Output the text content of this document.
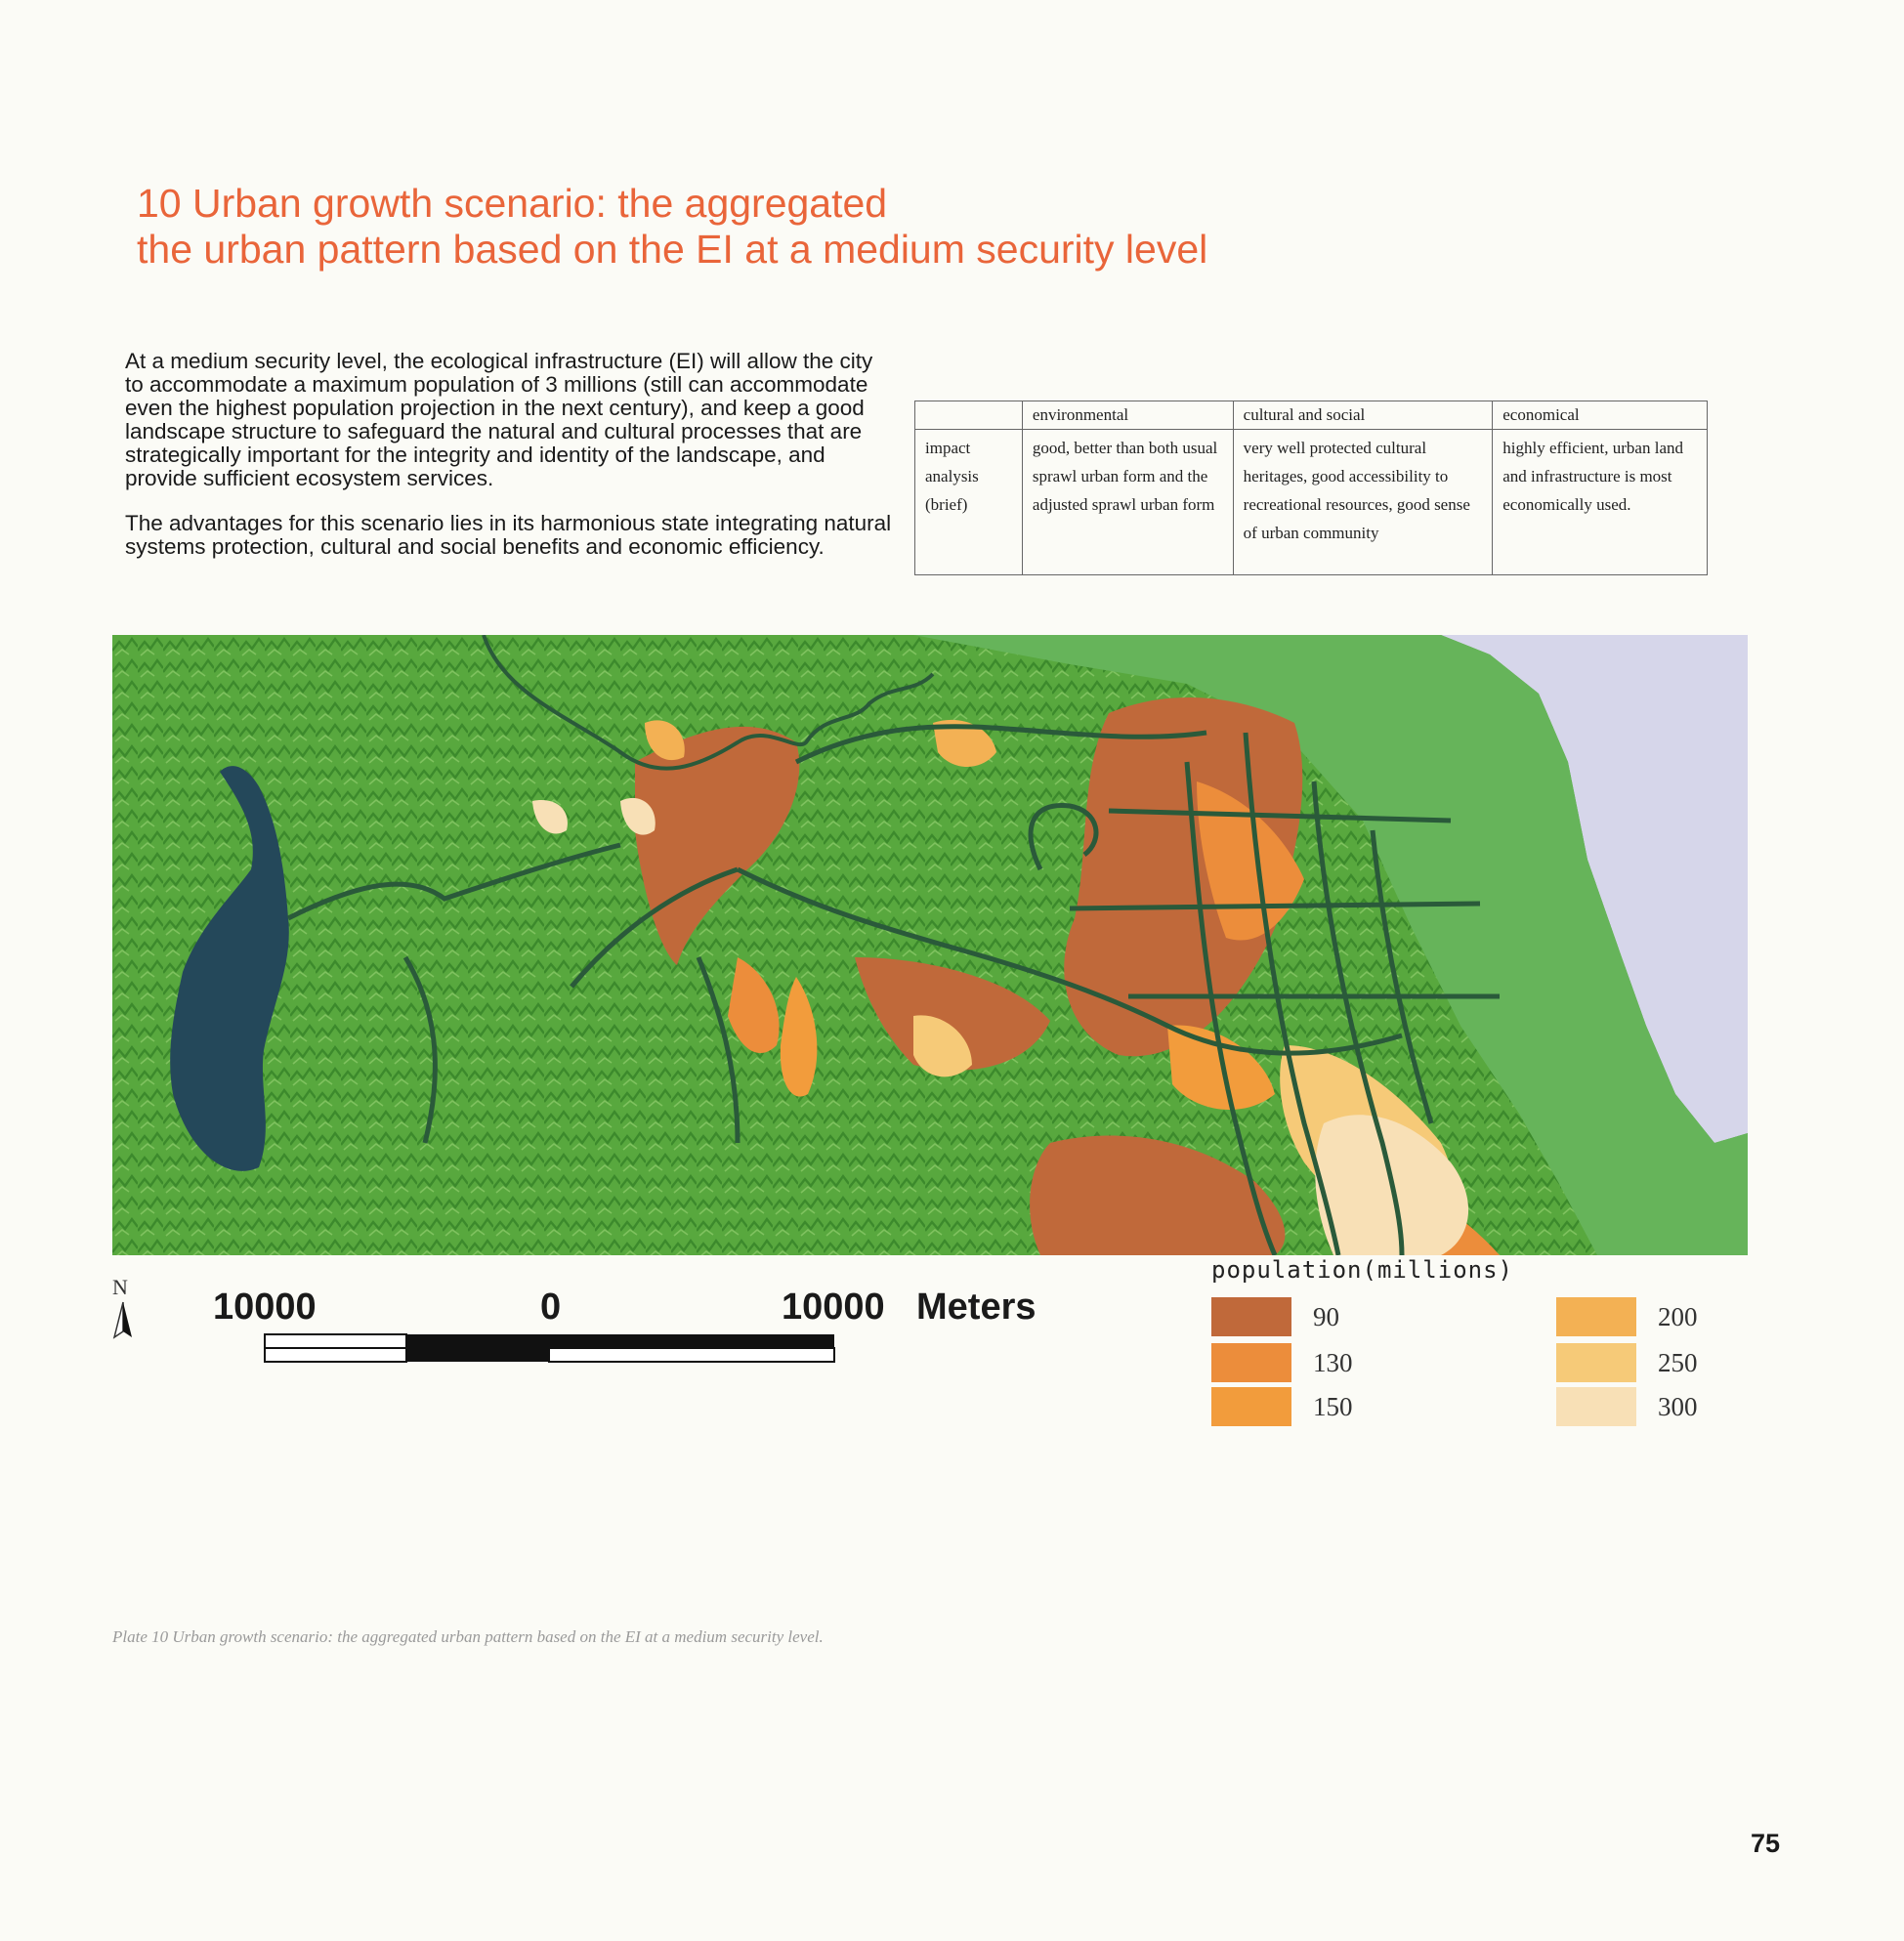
10 Urban growth scenario: the aggregated
the urban pattern based on the EI at a medium security level

At a medium security level, the ecological infrastructure (EI) will allow the city to accommodate a maximum population of 3 millions (still can accommodate even the highest population projection in the next century), and keep a good landscape structure to safeguard the natural and cultural processes that are strategically important for the integrity and identity of the landscape, and provide sufficient ecosystem services.

The advantages for this scenario lies in its harmonious state integrating natural systems protection, cultural and social benefits and economic efficiency.

	environmental	cultural and social	economical
impact analysis (brief)	good, better than both usual sprawl urban form and the adjusted sprawl urban form	very well protected cultural heritages, good accessibility to recreational resources, good sense of urban community	highly efficient, urban land and infrastructure is most economically used.
N 10000	0	10000 Meters
population(millions)
90
130
150
200
250
300
Plate 10 Urban growth scenario: the aggregated urban pattern based on the EI at a medium security level.
75
